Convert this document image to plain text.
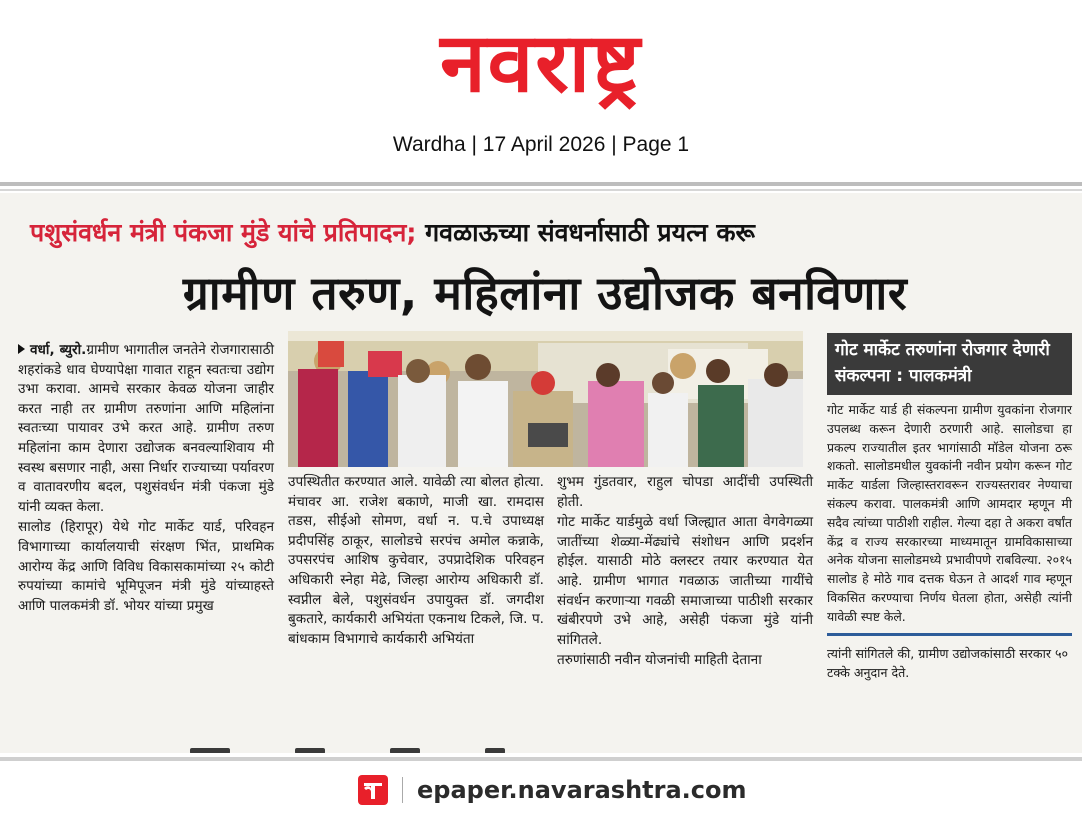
नवराष्ट्र
Wardha | 17 April 2026 | Page 1
पशुसंवर्धन मंत्री पंकजा मुंडे यांचे प्रतिपादन; गवळाऊच्या संवधर्नासाठी प्रयत्न करू
ग्रामीण तरुण, महिलांना उद्योजक बनविणार

वर्धा, ब्युरो.ग्रामीण भागातील जनतेने रोजगारासाठी शहरांकडे धाव घेण्यापेक्षा गावात राहून स्वतःचा उद्योग उभा करावा. आमचे सरकार केवळ योजना जाहीर करत नाही तर ग्रामीण तरुणांना आणि महिलांना स्वतःच्या पायावर उभे करत आहे. ग्रामीण तरुण महिलांना काम देणारा उद्योजक बनवल्याशिवाय मी स्वस्थ बसणार नाही, असा निर्धार राज्याच्या पर्यावरण व वातावरणीय बदल, पशुसंवर्धन मंत्री पंकजा मुंडे यांनी व्यक्त केला.

सालोड (हिरापूर) येथे गोट मार्केट यार्ड, परिवहन विभागाच्या कार्यालयाची संरक्षण भिंत, प्राथमिक आरोग्य केंद्र आणि विविध विकासकामांच्या २५ कोटी रुपयांच्या कामांचे भूमिपूजन मंत्री मुंडे यांच्याहस्ते आणि पालकमंत्री डॉ. भोयर यांच्या प्रमुख

उपस्थितीत करण्यात आले. यावेळी त्या बोलत होत्या. मंचावर आ. राजेश बकाणे, माजी खा. रामदास तडस, सीईओ सोमण, वर्धा न. प.चे उपाध्यक्ष प्रदीपसिंह ठाकूर, सालोडचे सरपंच अमोल कन्नाके, उपसरपंच आशिष कुचेवार, उपप्रादेशिक परिवहन अधिकारी स्नेहा मेढे, जिल्हा आरोग्य अधिकारी डॉ. स्वप्नील बेले, पशुसंवर्धन उपायुक्त डॉ. जगदीश बुकतारे, कार्यकारी अभियंता एकनाथ टिकले, जि. प. बांधकाम विभागाचे कार्यकारी अभियंता

शुभम गुंडतवार, राहुल चोपडा आदींची उपस्थिती होती.

गोट मार्केट यार्डमुळे वर्धा जिल्ह्यात आता वेगवेगळ्या जातींच्या शेळ्या-मेंढ्यांचे संशोधन आणि प्रदर्शन होईल. यासाठी मोठे क्लस्टर तयार करण्यात येत आहे. ग्रामीण भागात गवळाऊ जातीच्या गायींचे संवर्धन करणाऱ्या गवळी समाजाच्या पाठीशी सरकार खंबीरपणे उभे आहे, असेही पंकजा मुंडे यांनी सांगितले.

तरुणांसाठी नवीन योजनांची माहिती देताना

गोट मार्केट तरुणांना रोजगार देणारी संकल्पना : पालकमंत्री
गोट मार्केट यार्ड ही संकल्पना ग्रामीण युवकांना रोजगार उपलब्ध करून देणारी ठरणारी आहे. सालोडचा हा प्रकल्प राज्यातील इतर भागांसाठी मॉडेल योजना ठरू शकतो. सालोडमधील युवकांनी नवीन प्रयोग करून गोट मार्केट यार्डला जिल्हास्तरावरून राज्यस्तरावर नेण्याचा संकल्प करावा. पालकमंत्री आणि आमदार म्हणून मी सदैव त्यांच्या पाठीशी राहील. गेल्या दहा ते अकरा वर्षांत केंद्र व राज्य सरकारच्या माध्यमातून ग्रामविकासाच्या अनेक योजना सालोडमध्ये प्रभावीपणे राबविल्या. २०१५ सालोड हे मोठे गाव दत्तक घेऊन ते आदर्श गाव म्हणून विकसित करण्याचा निर्णय घेतला होता, असेही त्यांनी यावेळी स्पष्ट केले.
त्यांनी सांगितले की, ग्रामीण उद्योजकांसाठी सरकार ५० टक्के अनुदान देते.

epaper.navarashtra.com
